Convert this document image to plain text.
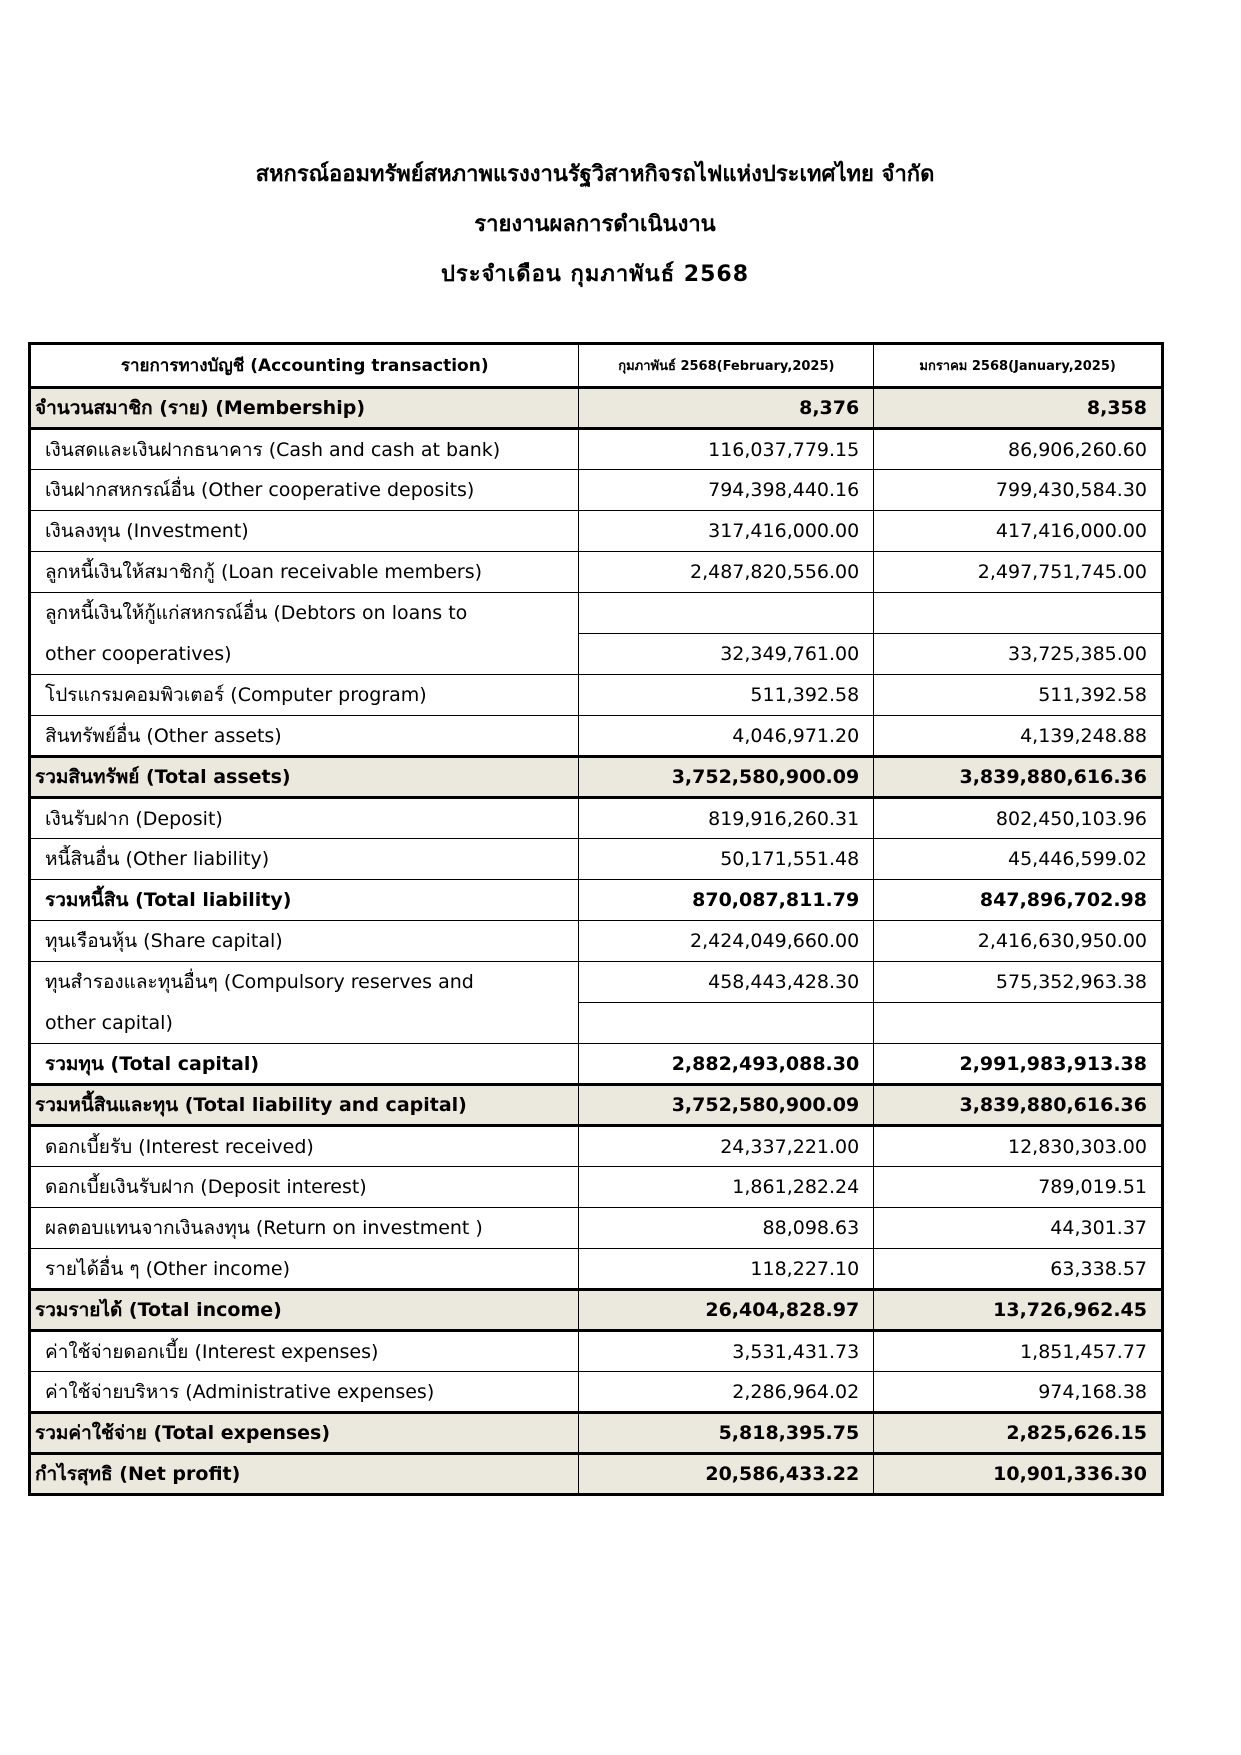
สหกรณ์ออมทรัพย์สหภาพแรงงานรัฐวิสาหกิจรถไฟแห่งประเทศไทย จำกัด
รายงานผลการดำเนินงาน
ประจำเดือน กุมภาพันธ์ 2568
รายการทางบัญชี (Accounting transaction)	กุมภาพันธ์ 2568(February,2025)	มกราคม 2568(January,2025)
จำนวนสมาชิก (ราย) (Membership)	8,376	8,358
เงินสดและเงินฝากธนาคาร (Cash and cash at bank)	116,037,779.15	86,906,260.60
เงินฝากสหกรณ์อื่น (Other cooperative deposits)	794,398,440.16	799,430,584.30
เงินลงทุน (Investment)	317,416,000.00	417,416,000.00
ลูกหนี้เงินให้สมาชิกกู้ (Loan receivable members)	2,487,820,556.00	2,497,751,745.00
ลูกหนี้เงินให้กู้แก่สหกรณ์อื่น (Debtors on loans to		
other cooperatives)	32,349,761.00	33,725,385.00
โปรแกรมคอมพิวเตอร์ (Computer program)	511,392.58	511,392.58
สินทรัพย์อื่น (Other assets)	4,046,971.20	4,139,248.88
รวมสินทรัพย์ (Total assets)	3,752,580,900.09	3,839,880,616.36
เงินรับฝาก (Deposit)	819,916,260.31	802,450,103.96
หนี้สินอื่น (Other liability)	50,171,551.48	45,446,599.02
รวมหนี้สิน (Total liability)	870,087,811.79	847,896,702.98
ทุนเรือนหุ้น (Share capital)	2,424,049,660.00	2,416,630,950.00
ทุนสำรองและทุนอื่นๆ (Compulsory reserves and	458,443,428.30	575,352,963.38
other capital)		
รวมทุน (Total capital)	2,882,493,088.30	2,991,983,913.38
รวมหนี้สินและทุน (Total liability and capital)	3,752,580,900.09	3,839,880,616.36
ดอกเบี้ยรับ (Interest received)	24,337,221.00	12,830,303.00
ดอกเบี้ยเงินรับฝาก (Deposit interest)	1,861,282.24	789,019.51
ผลตอบแทนจากเงินลงทุน (Return on investment )	88,098.63	44,301.37
รายได้อื่น ๆ (Other income)	118,227.10	63,338.57
รวมรายได้ (Total income)	26,404,828.97	13,726,962.45
ค่าใช้จ่ายดอกเบี้ย (Interest expenses)	3,531,431.73	1,851,457.77
ค่าใช้จ่ายบริหาร (Administrative expenses)	2,286,964.02	974,168.38
รวมค่าใช้จ่าย (Total expenses)	5,818,395.75	2,825,626.15
กำไรสุทธิ (Net profit)	20,586,433.22	10,901,336.30
